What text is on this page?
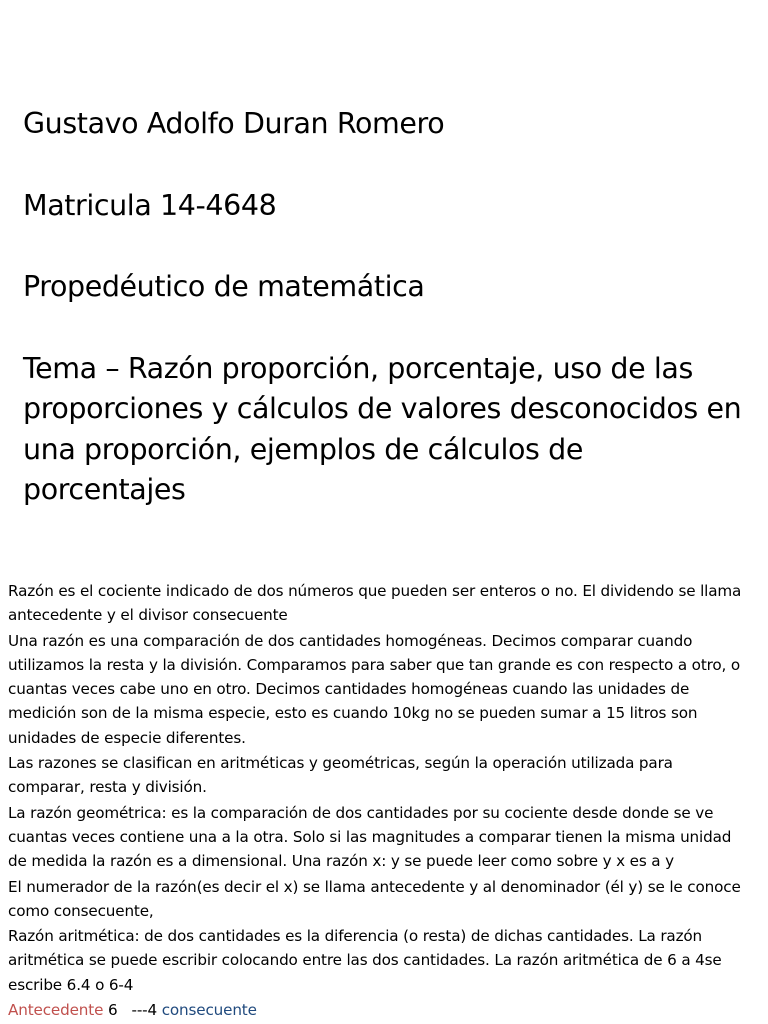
Gustavo Adolfo Duran Romero

Matricula 14-4648

Propedéutico de matemática

Tema – Razón proporción, porcentaje, uso de las proporciones y cálculos de valores desconocidos en una proporción, ejemplos de cálculos de porcentajes

Razón es el cociente indicado de dos números que pueden ser enteros o no. El dividendo se llama antecedente y el divisor consecuente

Una razón es una comparación de dos cantidades homogéneas. Decimos comparar cuando utilizamos la resta y la división. Comparamos para saber que tan grande es con respecto a otro, o cuantas veces cabe uno en otro. Decimos cantidades homogéneas cuando las unidades de medición son de la misma especie, esto es cuando 10kg no se pueden sumar a 15 litros son unidades de especie diferentes.

Las razones se clasifican en aritméticas y geométricas, según la operación utilizada para comparar, resta y división.

La razón geométrica: es la comparación de dos cantidades por su cociente desde donde se ve cuantas veces contiene una a la otra. Solo si las magnitudes a comparar tienen la misma unidad de medida la razón es a dimensional. Una razón x: y se puede leer como sobre y x es a y

El numerador de la razón(es decir el x) se llama antecedente y al denominador (él y) se le conoce como consecuente,

Razón aritmética: de dos cantidades es la diferencia (o resta) de dichas cantidades. La razón aritmética se puede escribir colocando entre las dos cantidades. La razón aritmética de 6 a 4se escribe 6.4 o 6-4

Antecedente 6   ---4 consecuente
